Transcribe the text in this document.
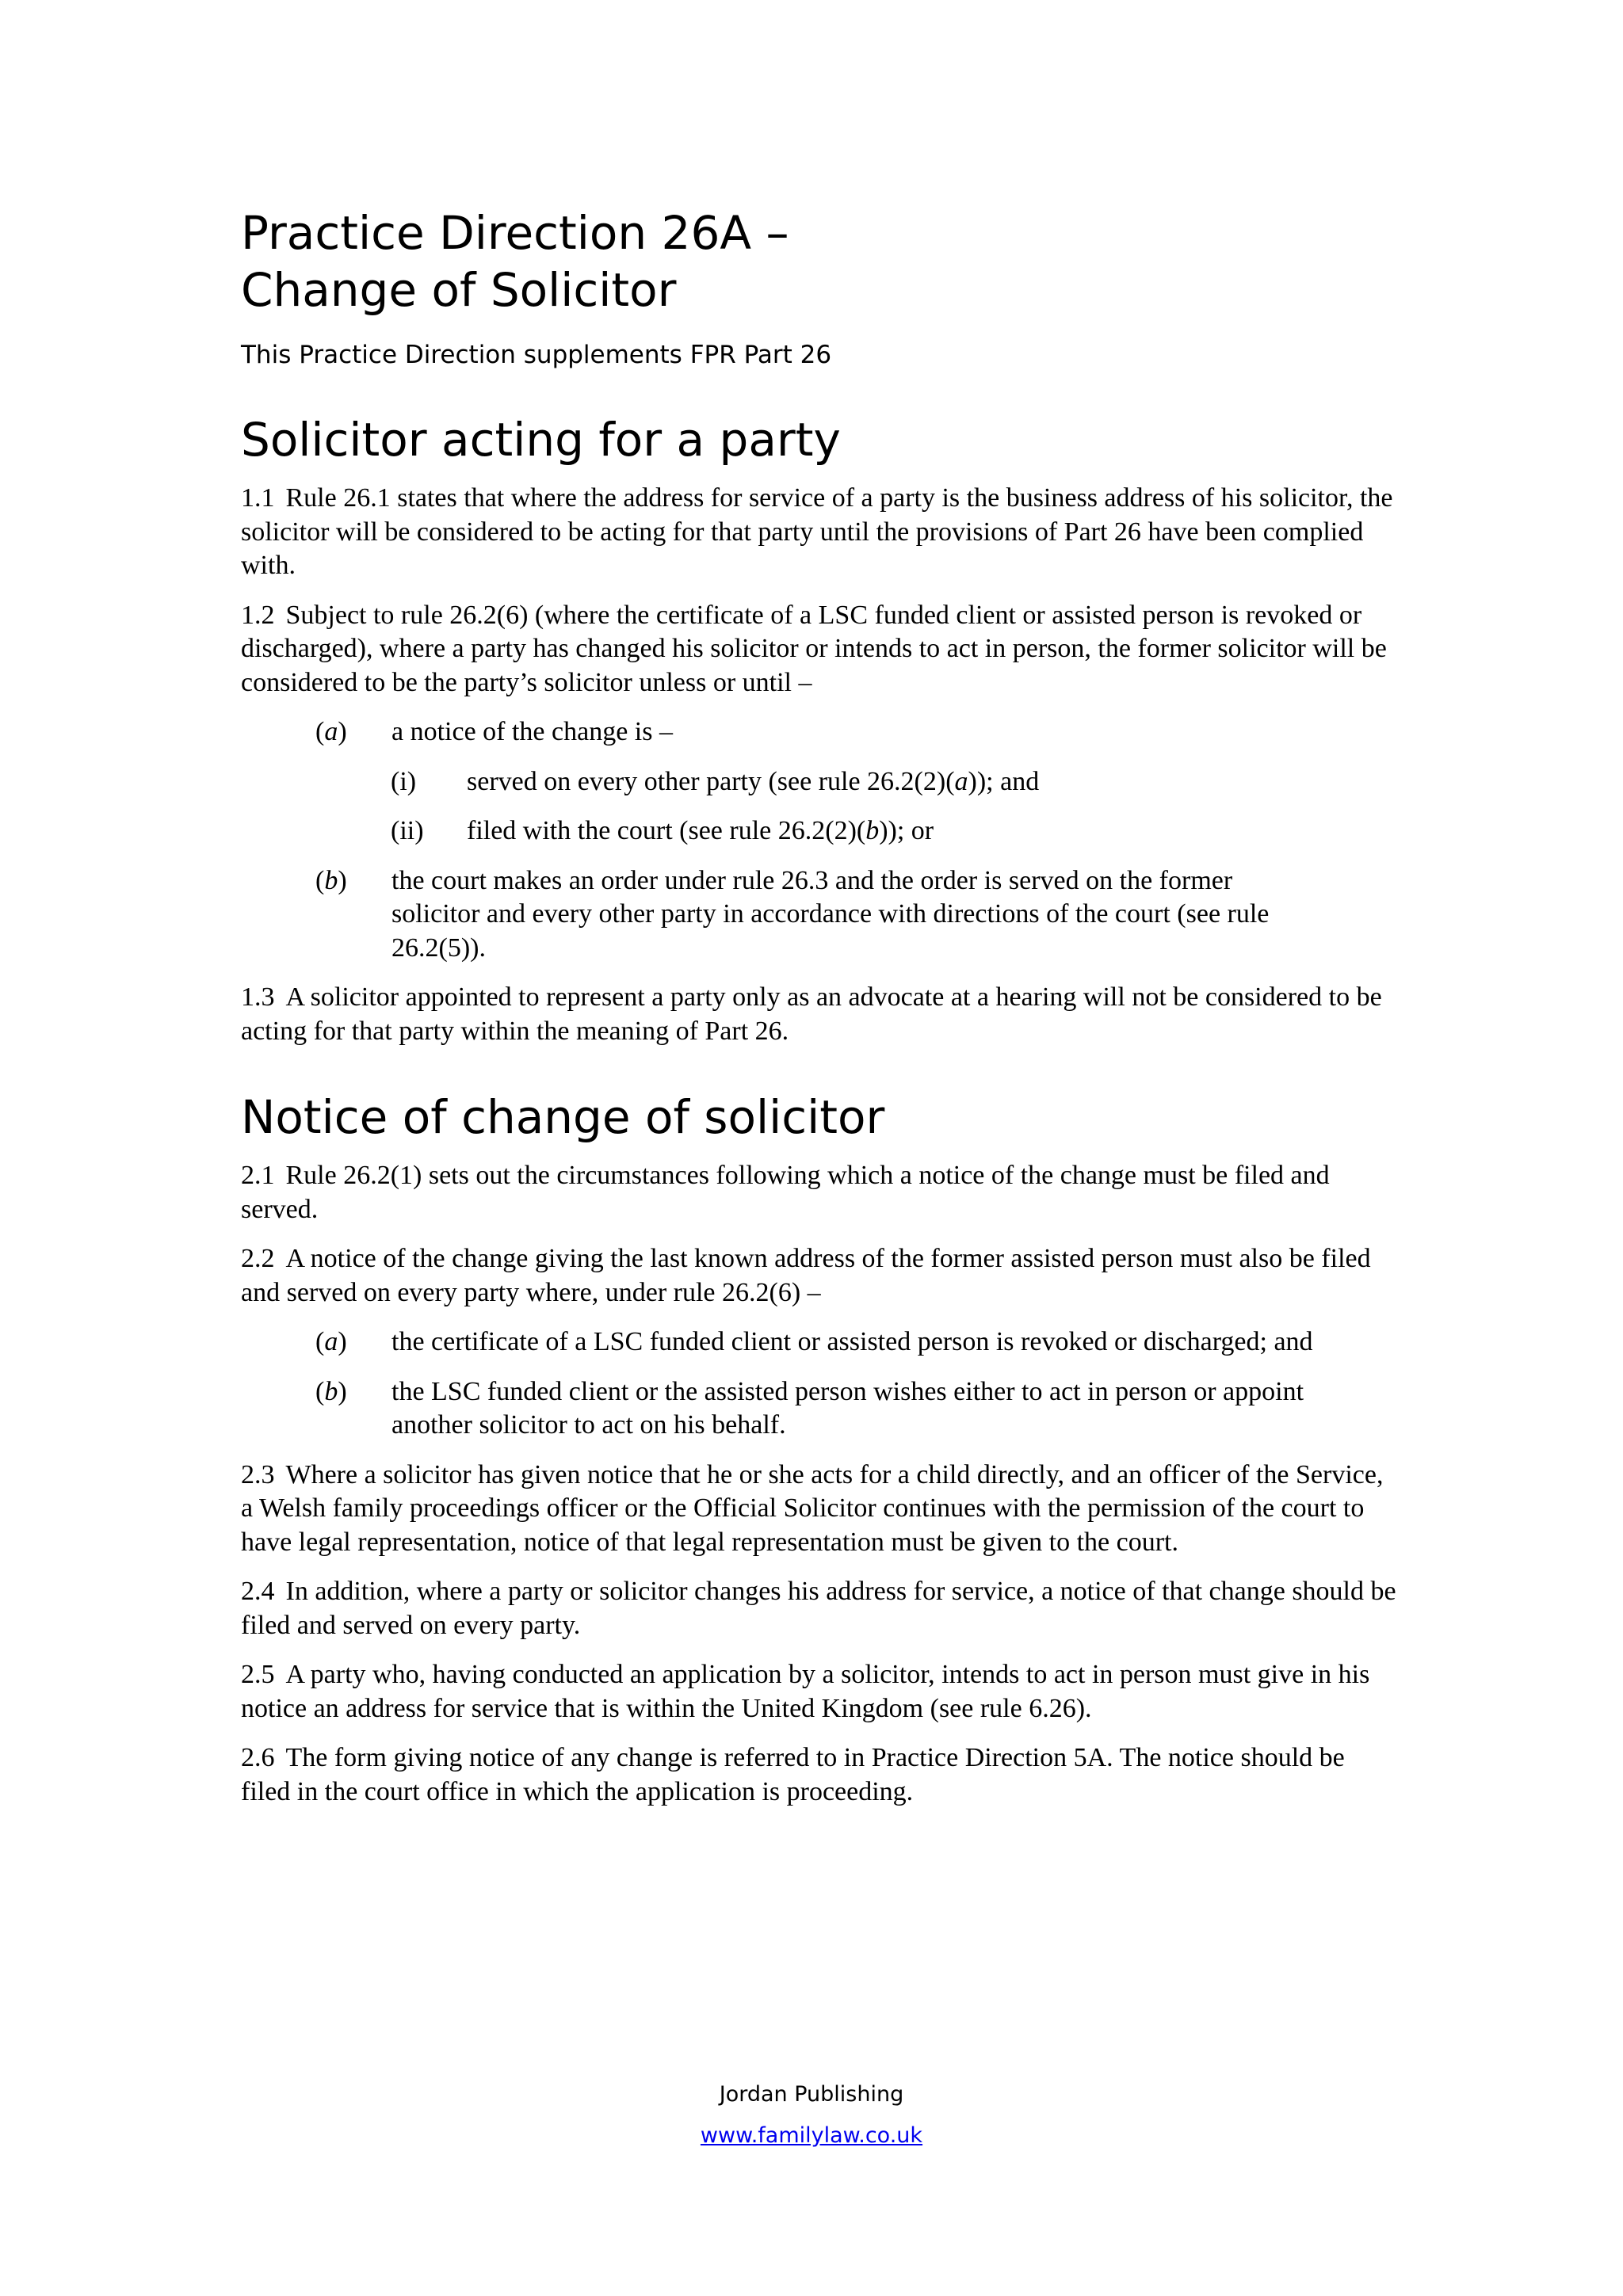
Practice Direction 26A –
Change of Solicitor
This Practice Direction supplements FPR Part 26
Solicitor acting for a party

1.1 Rule 26.1 states that where the address for service of a party is the business address of his solicitor, the solicitor will be considered to be acting for that party until the provisions of Part 26 have been complied with.

1.2 Subject to rule 26.2(6) (where the certificate of a LSC funded client or assisted person is revoked or discharged), where a party has changed his solicitor or intends to act in person, the former solicitor will be considered to be the party’s solicitor unless or until –

(a)	a notice of the change is –
(i)	served on every other party (see rule 26.2(2)(a)); and
(ii)	filed with the court (see rule 26.2(2)(b)); or
(b)	the court makes an order under rule 26.3 and the order is served on the former solicitor and every other party in accordance with directions of the court (see rule 26.2(5)).

1.3 A solicitor appointed to represent a party only as an advocate at a hearing will not be considered to be acting for that party within the meaning of Part 26.

Notice of change of solicitor

2.1 Rule 26.2(1) sets out the circumstances following which a notice of the change must be filed and served.

2.2 A notice of the change giving the last known address of the former assisted person must also be filed and served on every party where, under rule 26.2(6) –

(a)	the certificate of a LSC funded client or assisted person is revoked or discharged; and
(b)	the LSC funded client or the assisted person wishes either to act in person or appoint another solicitor to act on his behalf.

2.3 Where a solicitor has given notice that he or she acts for a child directly, and an officer of the Service, a Welsh family proceedings officer or the Official Solicitor continues with the permission of the court to have legal representation, notice of that legal representation must be given to the court.

2.4 In addition, where a party or solicitor changes his address for service, a notice of that change should be filed and served on every party.

2.5 A party who, having conducted an application by a solicitor, intends to act in person must give in his notice an address for service that is within the United Kingdom (see rule 6.26).

2.6 The form giving notice of any change is referred to in Practice Direction 5A. The notice should be filed in the court office in which the application is proceeding.

Jordan Publishing
www.familylaw.co.uk
